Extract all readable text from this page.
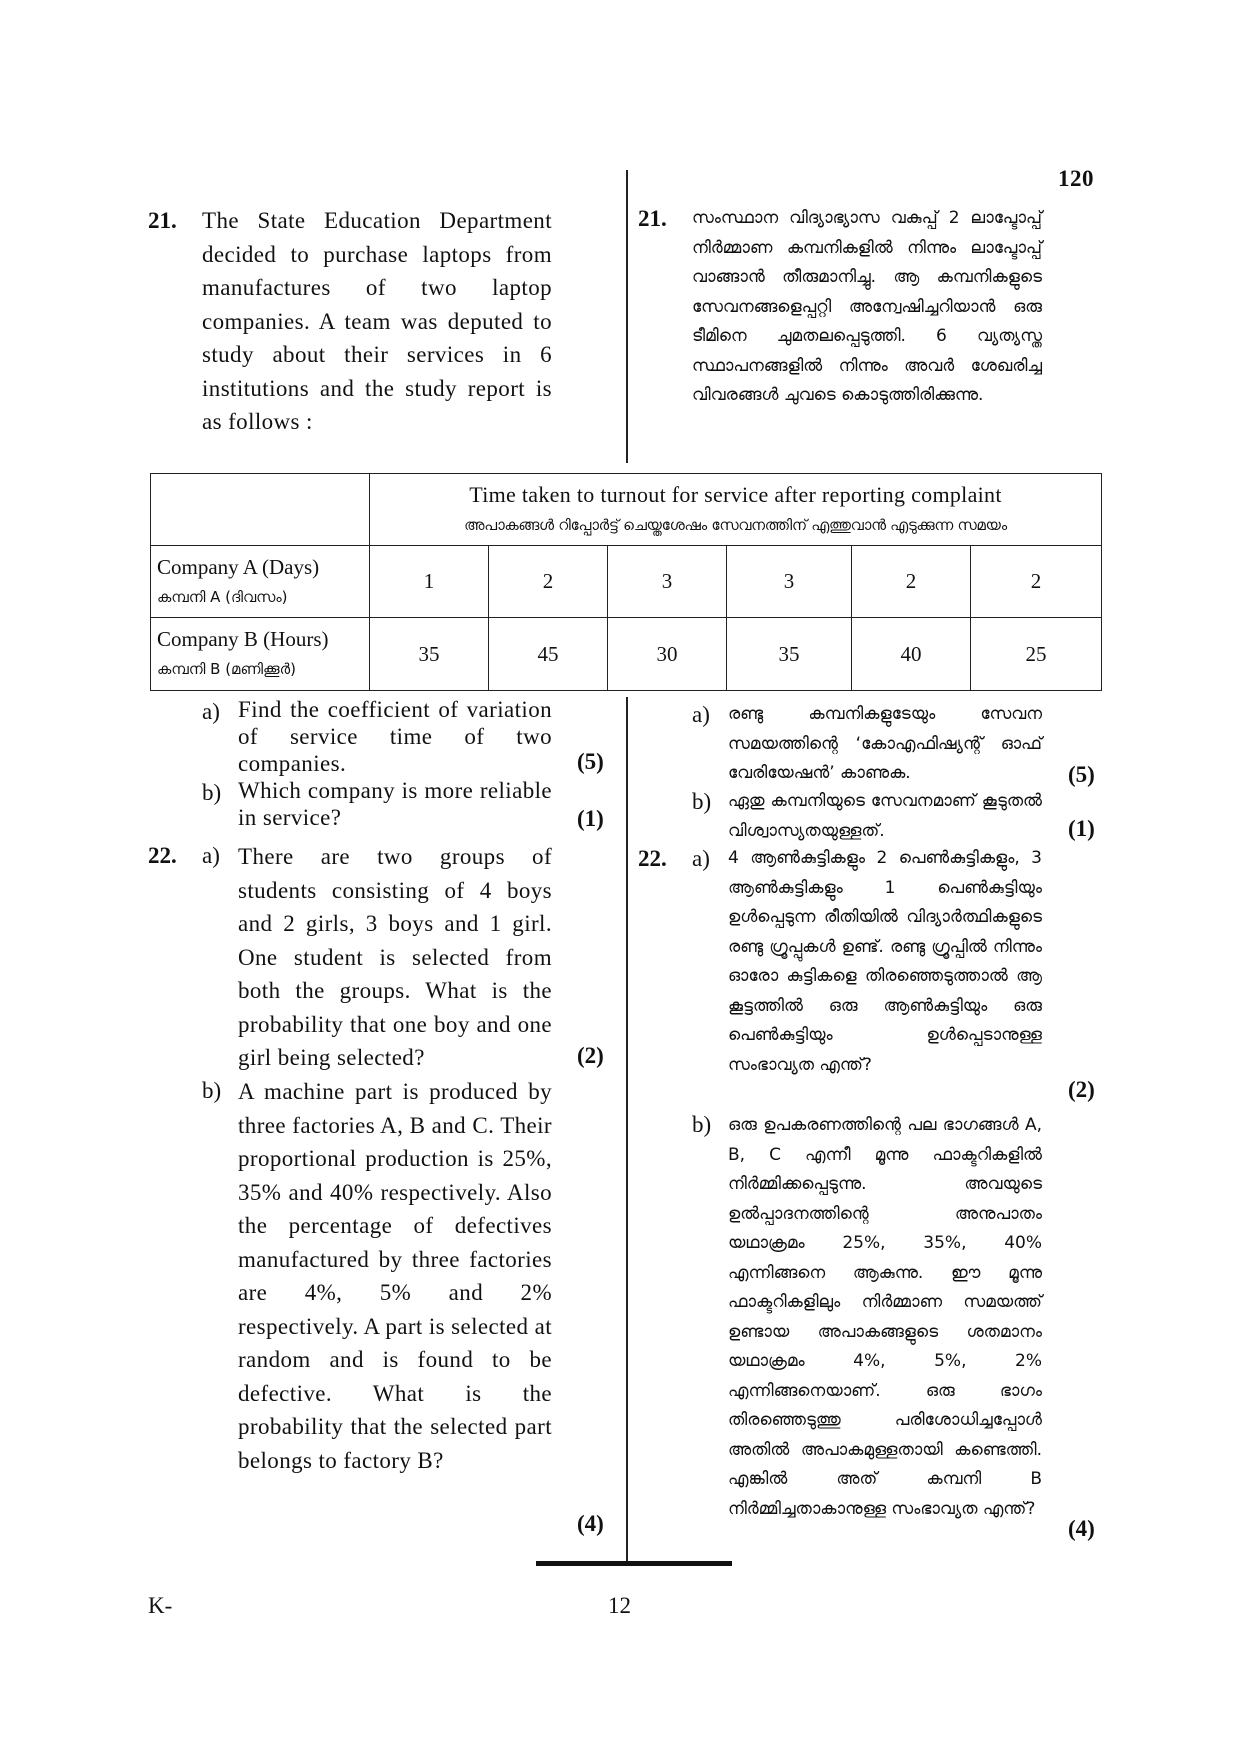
120
21. The State Education Department decided to purchase laptops from manufactures of two laptop companies. A team was deputed to study about their services in 6 institutions and the study report is as follows :
21. സംസ്ഥാന വിദ്യാഭ്യാസ വകുപ്പ് 2 ലാപ്ടോപ്പ് നിർമ്മാണ കമ്പനികളിൽ നിന്നും ലാപ്ടോപ്പ് വാങ്ങാൻ തീരുമാനിച്ചു. ആ കമ്പനികളുടെ സേവനങ്ങളെപ്പറ്റി അന്വേഷിച്ചറിയാൻ ഒരു ടീമിനെ ചുമതലപ്പെടുത്തി. 6 വ്യത്യസ്ത സ്ഥാപനങ്ങളിൽ നിന്നും അവർ ശേഖരിച്ച വിവരങ്ങൾ ചുവടെ കൊടുത്തിരിക്കുന്നു.

	Time taken to turnout for service after reporting complaint
അപാകങ്ങൾ റിപ്പോർട്ട് ചെയ്തശേഷം സേവനത്തിന് എത്തുവാൻ എടുക്കുന്ന സമയം					

Company A (Days)
കമ്പനി A (ദിവസം)	1	2	3	3	2	2

Company B (Hours)
കമ്പനി B (മണിക്കൂർ)	35	45	30	35	40	25
a) Find the coefficient of variation of service time of two companies.	(5)
b) Which company is more reliable in service?	(1)
a) രണ്ടു കമ്പനികളുടേയും സേവന സമയത്തിന്റെ ‘കോഎഫിഷ്യന്റ് ഓഫ് വേരിയേഷൻ’ കാണുക.	(5)
b) ഏതു കമ്പനിയുടെ സേവനമാണ് കൂടുതൽ വിശ്വാസ്യതയുള്ളത്.	(1)
22. a) There are two groups of students consisting of 4 boys and 2 girls, 3 boys and 1 girl. One student is selected from both the groups. What is the probability that one boy and one girl being selected?	(2)
b) A machine part is produced by three factories A, B and C. Their proportional production is 25%, 35% and 40% respectively. Also the percentage of defectives manufactured by three factories are 4%, 5% and 2% respectively. A part is selected at random and is found to be defective. What is the probability that the selected part belongs to factory B?
(4)
22. a) 4 ആൺകുട്ടികളും 2 പെൺകുട്ടികളും, 3 ആൺകുട്ടികളും 1 പെൺകുട്ടിയും ഉൾപ്പെടുന്ന രീതിയിൽ വിദ്യാർത്ഥികളുടെ രണ്ടു ഗ്രൂപ്പുകൾ ഉണ്ട്. രണ്ടു ഗ്രൂപ്പിൽ നിന്നും ഓരോ കുട്ടികളെ തിരഞ്ഞെടുത്താൽ ആ കൂട്ടത്തിൽ ഒരു ആൺകുട്ടിയും ഒരു പെൺകുട്ടിയും ഉൾപ്പെടാനുള്ള സംഭാവ്യത എന്ത്?
(2)
b) ഒരു ഉപകരണത്തിന്റെ പല ഭാഗങ്ങൾ A, B, C എന്നീ മൂന്നു ഫാക്ടറികളിൽ നിർമ്മിക്കപ്പെടുന്നു. അവയുടെ ഉൽപ്പാദനത്തിന്റെ അനുപാതം യഥാക്രമം 25%, 35%, 40% എന്നിങ്ങനെ ആകുന്നു. ഈ മൂന്നു ഫാക്ടറികളിലും നിർമ്മാണ സമയത്ത് ഉണ്ടായ അപാകങ്ങളുടെ ശതമാനം യഥാക്രമം 4%, 5%, 2% എന്നിങ്ങനെയാണ്. ഒരു ഭാഗം തിരഞ്ഞെടുത്തു പരിശോധിച്ചപ്പോൾ അതിൽ അപാകമുള്ളതായി കണ്ടെത്തി. എങ്കിൽ അത് കമ്പനി B നിർമ്മിച്ചതാകാനുള്ള സംഭാവ്യത എന്ത്?
(4)
K-	12
